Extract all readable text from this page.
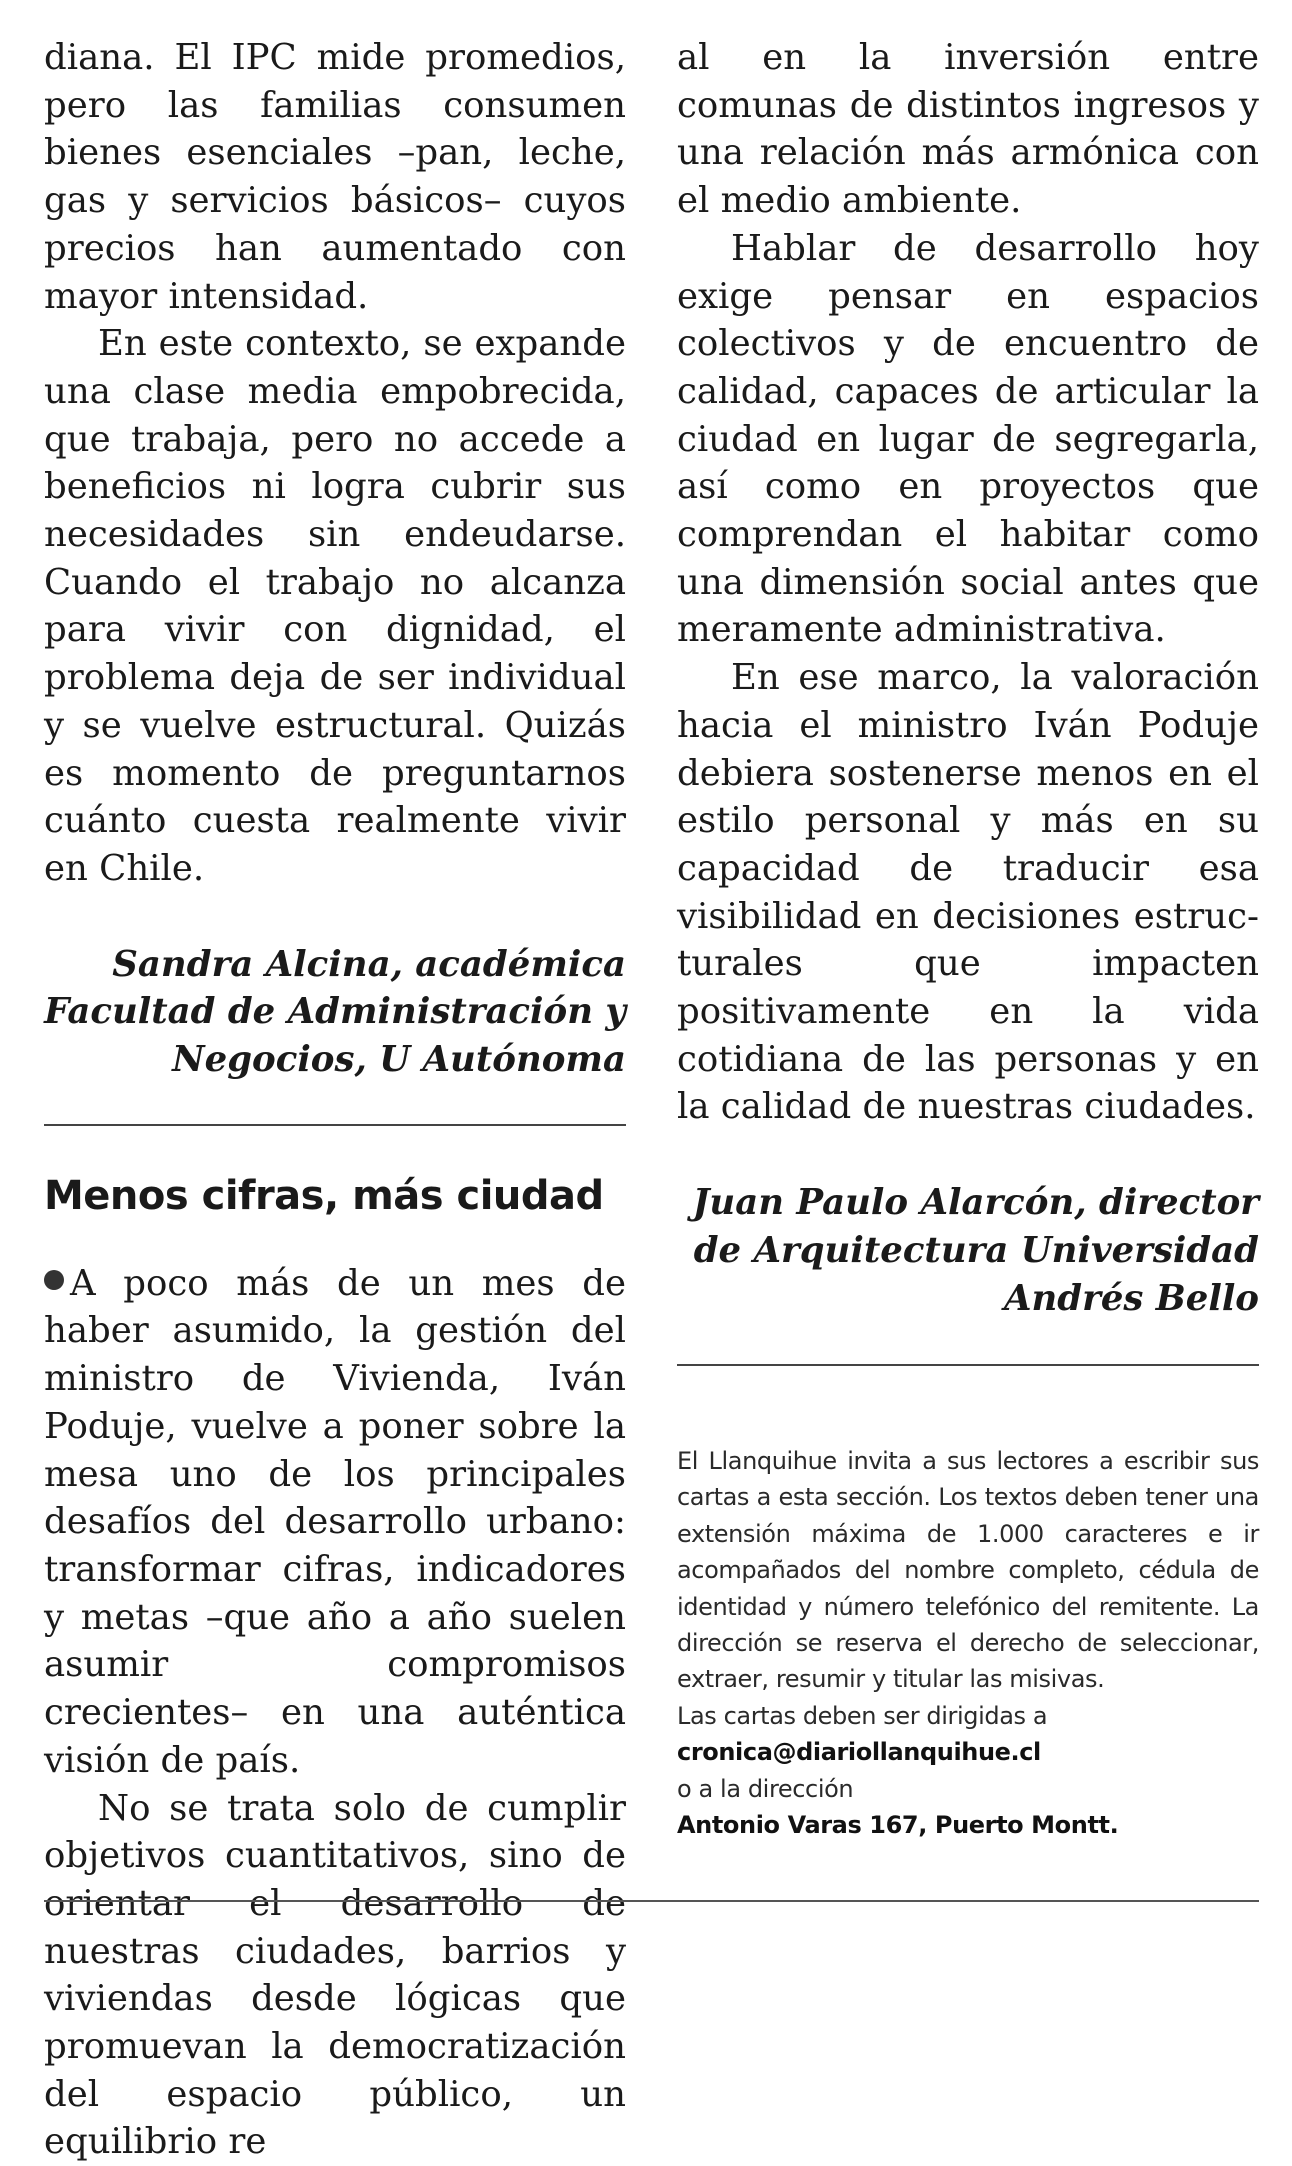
diana. El IPC mide promedios, pero las familias consumen bienes esenciales –pan, leche, gas y servicios básicos– cuyos precios han aumentado con mayor intensidad.

En este contexto, se expande una clase media empobrecida, que trabaja, pero no accede a beneficios ni logra cubrir sus necesidades sin endeudarse. Cuando el trabajo no alcanza para vivir con dignidad, el problema deja de ser individual y se vuelve estructural. Quizás es momento de preguntarnos cuánto cuesta realmente vivir en Chile.

Sandra Alcina, académica
Facultad de Administración y
Negocios, U Autónoma
Menos cifras, más ciudad

A poco más de un mes de haber asumido, la gestión del ministro de Vivienda, Iván Poduje, vuelve a poner sobre la mesa uno de los principales desafíos del desarrollo urbano: transformar cifras, indicadores y metas –que año a año suelen asumir compromisos crecientes– en una auténtica visión de país.

No se trata solo de cumplir objetivos cuantitativos, sino de orientar el desarrollo de nuestras ciudades, barrios y viviendas desde lógicas que promuevan la democratización del espacio público, un equilibrio re

al en la inversión entre comunas de distintos ingresos y una relación más armónica con el medio ambiente.

Hablar de desarrollo hoy exige pensar en espacios colectivos y de encuentro de calidad, capaces de articular la ciudad en lugar de segregarla, así como en proyectos que comprendan el habitar como una dimensión social antes que meramente administrativa.

En ese marco, la valoración hacia el ministro Iván Poduje debiera sostenerse menos en el estilo personal y más en su capacidad de traducir esa visibilidad en decisiones estructurales que impacten positivamente en la vida cotidiana de las personas y en la calidad de nuestras ciudades.

Juan Paulo Alarcón, director
de Arquitectura Universidad
Andrés Bello

El Llanquihue invita a sus lectores a escribir sus cartas a esta sección. Los textos deben tener una extensión máxima de 1.000 caracteres e ir acompañados del nombre completo, cédula de identidad y número telefónico del remitente. La dirección se reserva el derecho de seleccionar, extraer, resumir y titular las misivas.

Las cartas deben ser dirigidas a

cronica@diariollanquihue.cl

o a la dirección

Antonio Varas 167, Puerto Montt.
